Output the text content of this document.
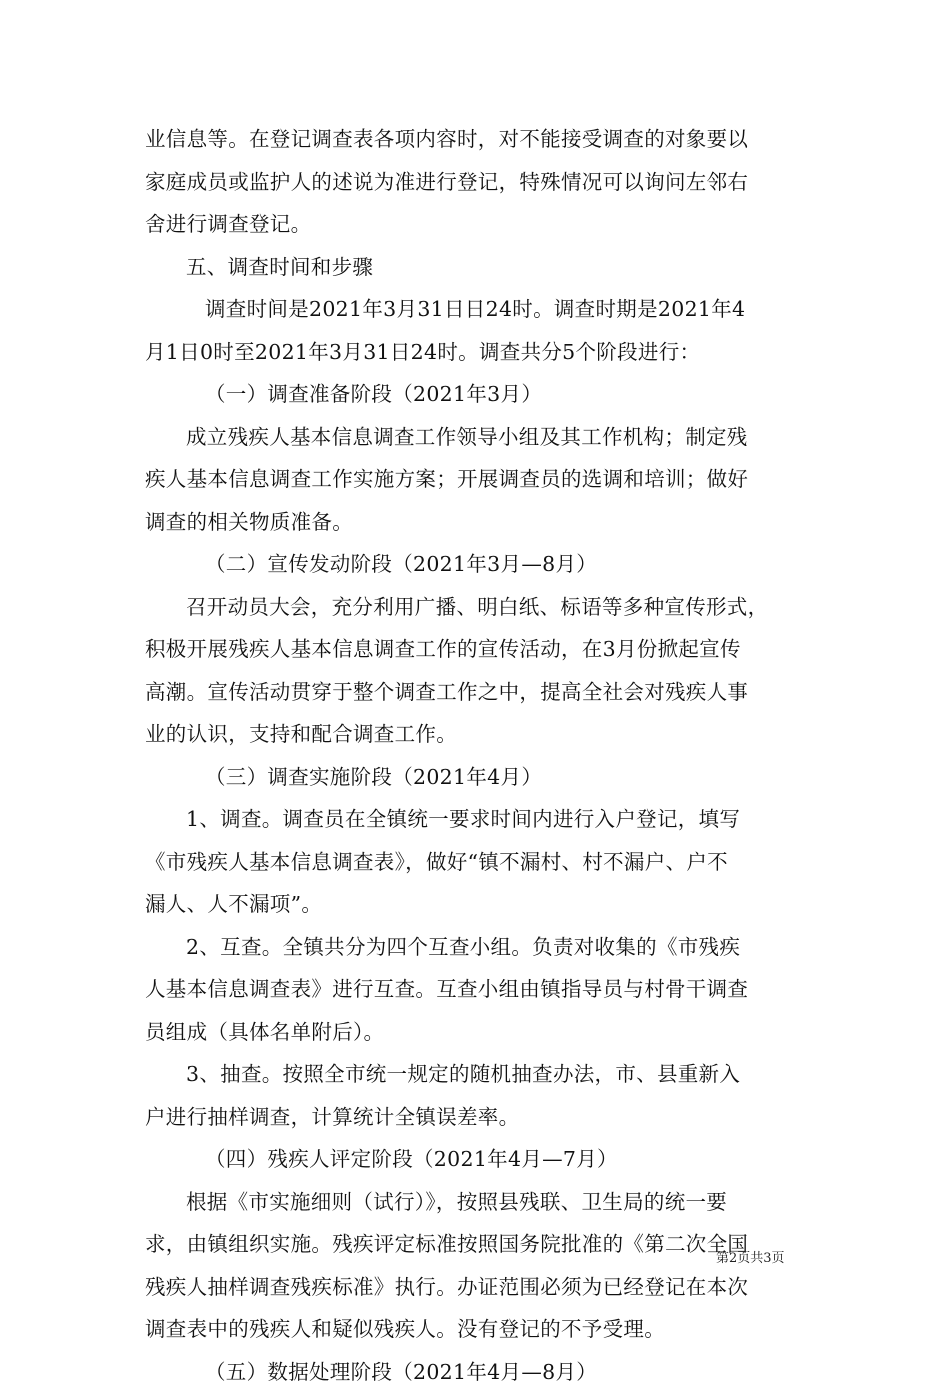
业信息等。在登记调查表各项内容时，对不能接受调查的对象要以
家庭成员或监护人的述说为准进行登记，特殊情况可以询问左邻右
舍进行调查登记。
五、调查时间和步骤
调查时间是2021年3月31日日24时。调查时期是2021年4
月1日0时至2021年3月31日24时。调查共分5个阶段进行：
（一）调查准备阶段（2021年3月）
成立残疾人基本信息调查工作领导小组及其工作机构；制定残
疾人基本信息调查工作实施方案；开展调查员的选调和培训；做好
调查的相关物质准备。
（二）宣传发动阶段（2021年3月—8月）
召开动员大会，充分利用广播、明白纸、标语等多种宣传形式，
积极开展残疾人基本信息调查工作的宣传活动，在3月份掀起宣传
高潮。宣传活动贯穿于整个调查工作之中，提高全社会对残疾人事
业的认识，支持和配合调查工作。
（三）调查实施阶段（2021年4月）
1、调查。调查员在全镇统一要求时间内进行入户登记，填写
《市残疾人基本信息调查表》，做好“镇不漏村、村不漏户、户不
漏人、人不漏项”。
2、互查。全镇共分为四个互查小组。负责对收集的《市残疾
人基本信息调查表》进行互查。互查小组由镇指导员与村骨干调查
员组成（具体名单附后）。
3、抽查。按照全市统一规定的随机抽查办法，市、县重新入
户进行抽样调查，计算统计全镇误差率。
（四）残疾人评定阶段（2021年4月—7月）
根据《市实施细则（试行）》，按照县残联、卫生局的统一要
求，由镇组织实施。残疾评定标准按照国务院批准的《第二次全国
残疾人抽样调查残疾标准》执行。办证范围必须为已经登记在本次
调查表中的残疾人和疑似残疾人。没有登记的不予受理。
（五）数据处理阶段（2021年4月—8月）
第2页共3页
